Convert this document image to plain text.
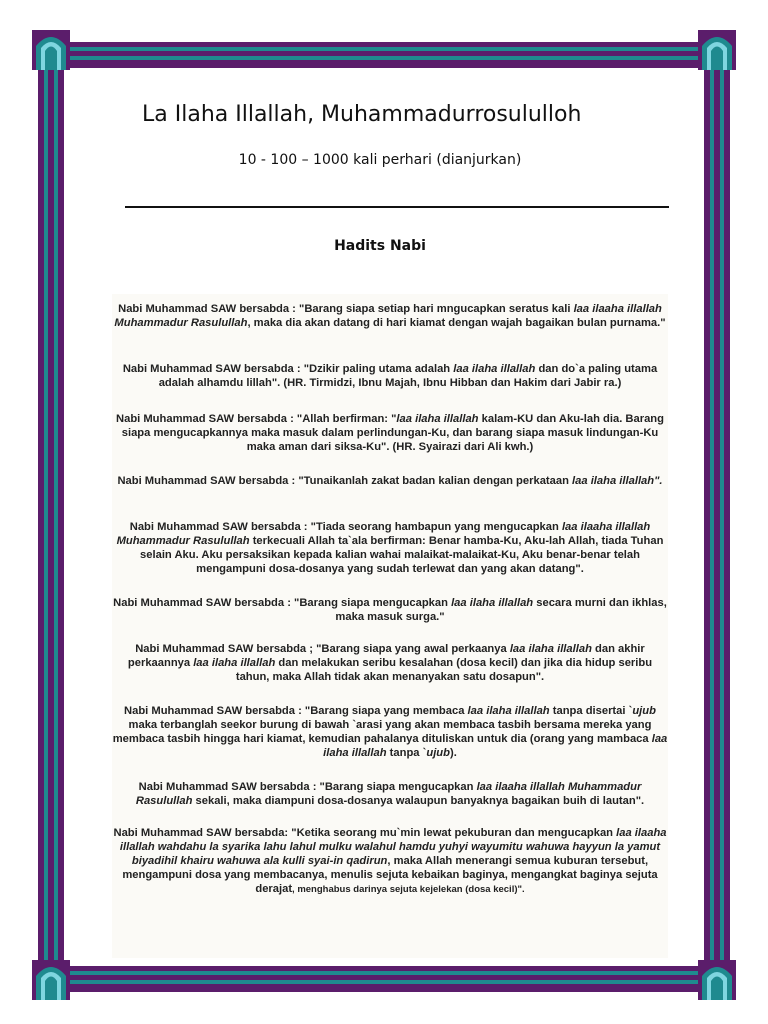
La Ilaha Illallah, Muhammadurrosululloh

10 - 100 – 1000 kali perhari (dianjurkan)

Hadits Nabi

Nabi Muhammad SAW bersabda : "Barang siapa setiap hari mngucapkan seratus kali laa ilaaha illallah Muhammadur Rasulullah, maka dia akan datang di hari kiamat dengan wajah bagaikan bulan purnama."

Nabi Muhammad SAW bersabda : "Dzikir paling utama adalah laa ilaha illallah dan do`a paling utama adalah alhamdu lillah". (HR. Tirmidzi, Ibnu Majah, Ibnu Hibban dan Hakim dari Jabir ra.)

Nabi Muhammad SAW bersabda : "Allah berfirman: "laa ilaha illallah kalam-KU dan Aku-lah dia. Barang siapa mengucapkannya maka masuk dalam perlindungan-Ku, dan barang siapa masuk lindungan-Ku maka aman dari siksa-Ku". (HR. Syairazi dari Ali kwh.)

Nabi Muhammad SAW bersabda : "Tunaikanlah zakat badan kalian dengan perkataan laa ilaha illallah".

Nabi Muhammad SAW bersabda : "Tiada seorang hambapun yang mengucapkan laa ilaaha illallah Muhammadur Rasulullah terkecuali Allah ta`ala berfirman: Benar hamba-Ku, Aku-lah Allah, tiada Tuhan selain Aku. Aku persaksikan kepada kalian wahai malaikat-malaikat-Ku, Aku benar-benar telah mengampuni dosa-dosanya yang sudah terlewat dan yang akan datang".

Nabi Muhammad SAW bersabda : "Barang siapa mengucapkan laa ilaha illallah secara murni dan ikhlas, maka masuk surga."

Nabi Muhammad SAW bersabda ; "Barang siapa yang awal perkaanya laa ilaha illallah dan akhir perkaannya laa ilaha illallah dan melakukan seribu kesalahan (dosa kecil) dan jika dia hidup seribu tahun, maka Allah tidak akan menanyakan satu dosapun".

Nabi Muhammad SAW bersabda : "Barang siapa yang membaca laa ilaha illallah tanpa disertai `ujub maka terbanglah seekor burung di bawah `arasi yang akan membaca tasbih bersama mereka yang membaca tasbih hingga hari kiamat, kemudian pahalanya dituliskan untuk dia (orang yang mambaca laa ilaha illallah tanpa `ujub).

Nabi Muhammad SAW bersabda : "Barang siapa mengucapkan laa ilaaha illallah Muhammadur Rasulullah sekali, maka diampuni dosa-dosanya walaupun banyaknya bagaikan buih di lautan".

Nabi Muhammad SAW bersabda: "Ketika seorang mu`min lewat pekuburan dan mengucapkan laa ilaaha illallah wahdahu la syarika lahu lahul mulku walahul hamdu yuhyi wayumitu wahuwa hayyun la yamut biyadihil khairu wahuwa ala kulli syai-in qadirun, maka Allah menerangi semua kuburan tersebut, mengampuni dosa yang membacanya, menulis sejuta kebaikan baginya, mengangkat baginya sejuta derajat, menghabus darinya sejuta kejelekan (dosa kecil)".
